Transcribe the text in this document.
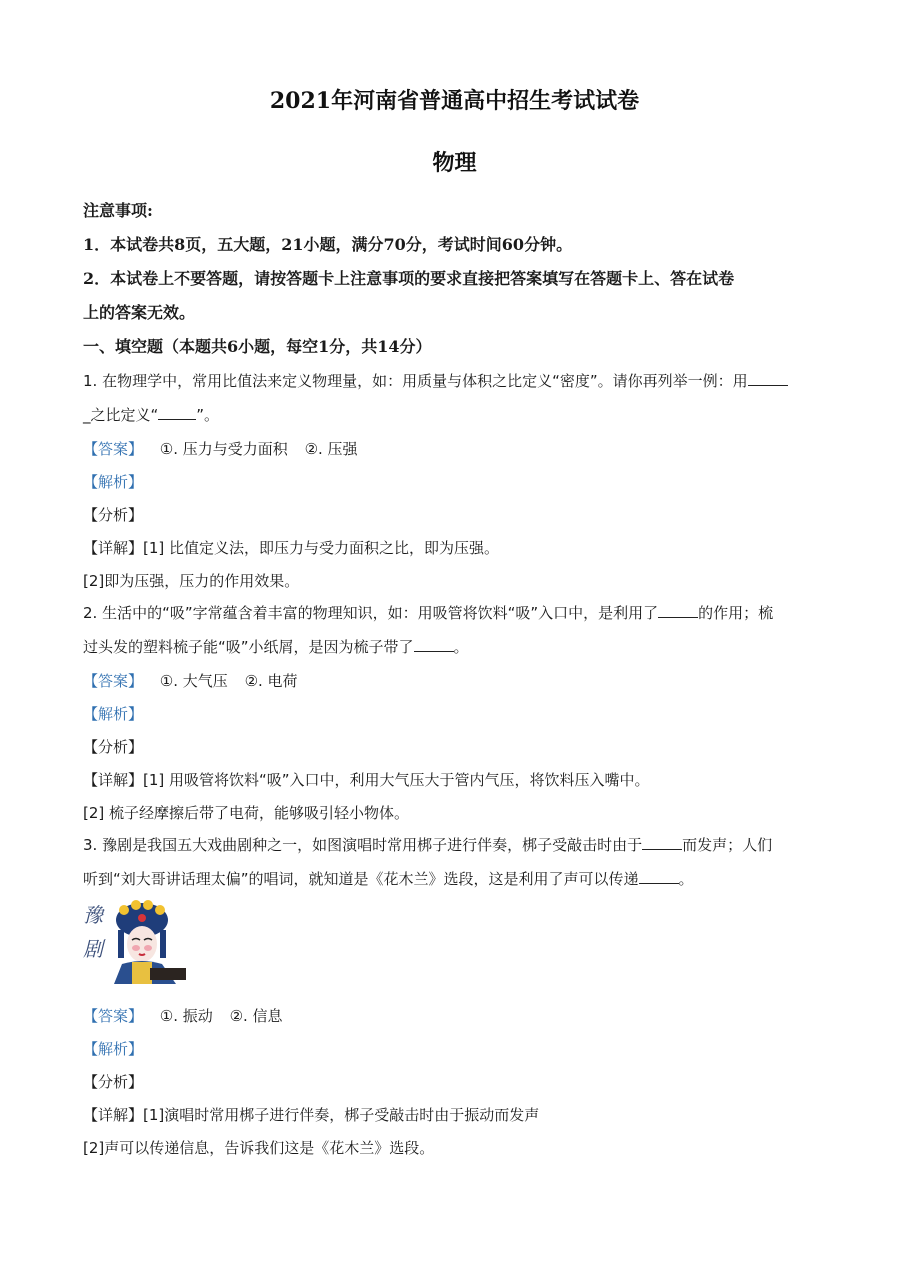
2021年河南省普通高中招生考试试卷
物理
注意事项:
1．本试卷共8页，五大题，21小题，满分70分，考试时间60分钟。
2．本试卷上不要答题，请按答题卡上注意事项的要求直接把答案填写在答题卡上、答在试卷
上的答案无效。
一、填空题（本题共6小题，每空1分，共14分）
1. 在物理学中，常用比值法来定义物理量，如：用质量与体积之比定义“密度”。请你再列举一例：用
_之比定义“	”。
【答案】 ①. 压力与受力面积 ②. 压强
【解析】
【分析】
【详解】[1] 比值定义法，即压力与受力面积之比，即为压强。
[2]即为压强，压力的作用效果。
2. 生活中的“吸”字常蕴含着丰富的物理知识，如：用吸管将饮料“吸”入口中，是利用了	的作用；梳
过头发的塑料梳子能“吸”小纸屑，是因为梳子带了	。
【答案】 ①. 大气压 ②. 电荷
【解析】
【分析】
【详解】[1] 用吸管将饮料“吸”入口中，利用大气压大于管内气压，将饮料压入嘴中。
[2] 梳子经摩擦后带了电荷，能够吸引轻小物体。
3. 豫剧是我国五大戏曲剧种之一，如图演唱时常用梆子进行伴奏，梆子受敲击时由于	而发声；人们
听到“刘大哥讲话理太偏”的唱词，就知道是《花木兰》选段，这是利用了声可以传递	。
豫
剧
【答案】 ①. 振动 ②. 信息
【解析】
【分析】
【详解】[1]演唱时常用梆子进行伴奏，梆子受敲击时由于振动而发声
[2]声可以传递信息，告诉我们这是《花木兰》选段。
